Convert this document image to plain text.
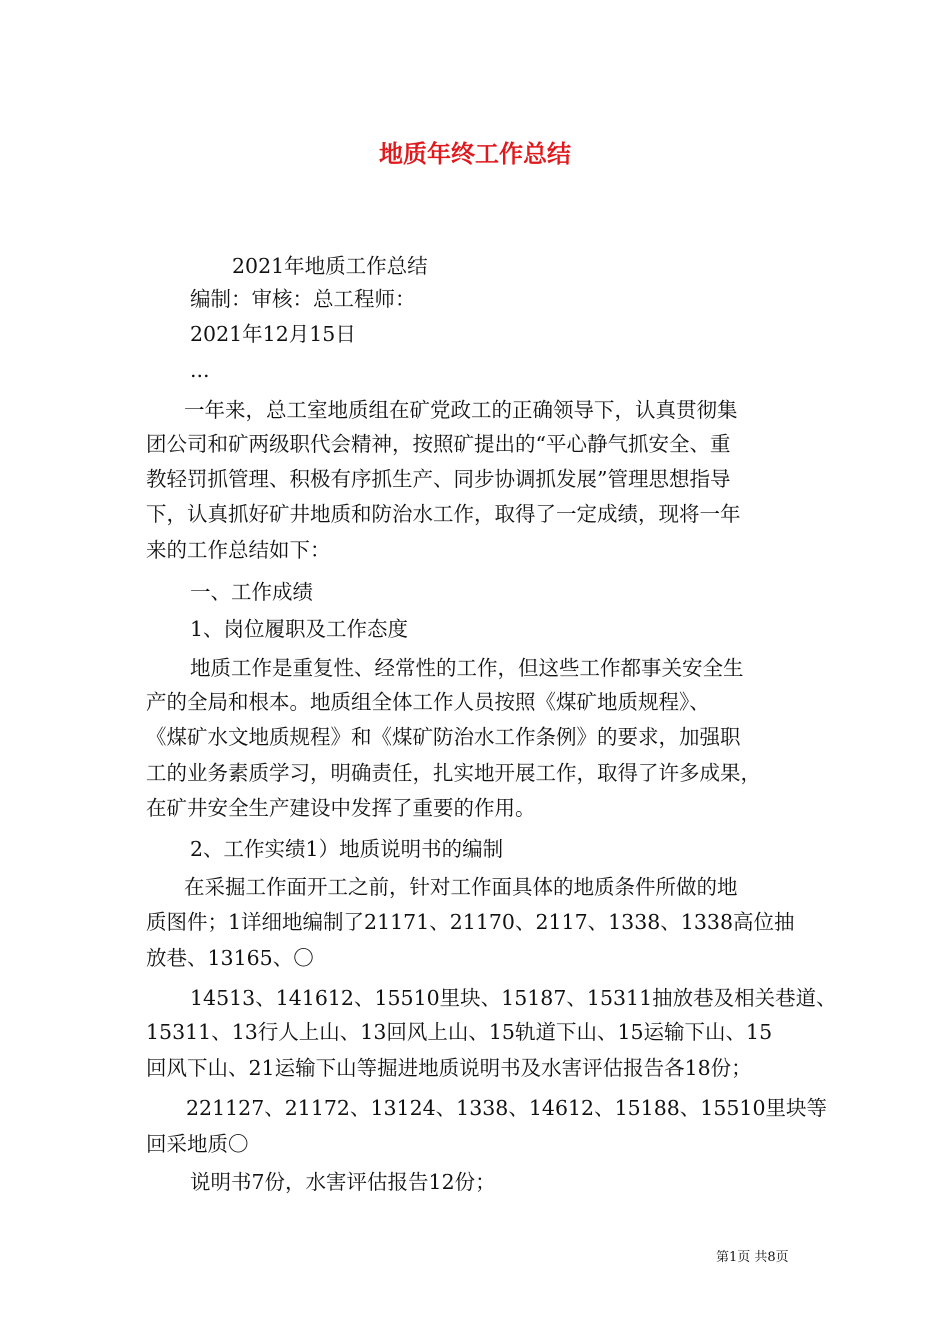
地质年终工作总结
2021年地质工作总结
编制：审核：总工程师：
2021年12月15日
...
一年来，总工室地质组在矿党政工的正确领导下，认真贯彻集
团公司和矿两级职代会精神，按照矿提出的“平心静气抓安全、重
教轻罚抓管理、积极有序抓生产、同步协调抓发展”管理思想指导
下，认真抓好矿井地质和防治水工作，取得了一定成绩，现将一年
来的工作总结如下：
一、工作成绩
1、岗位履职及工作态度
地质工作是重复性、经常性的工作，但这些工作都事关安全生
产的全局和根本。地质组全体工作人员按照《煤矿地质规程》、
《煤矿水文地质规程》和《煤矿防治水工作条例》的要求，加强职
工的业务素质学习，明确责任，扎实地开展工作，取得了许多成果，
在矿井安全生产建设中发挥了重要的作用。
2、工作实绩1）地质说明书的编制
在采掘工作面开工之前，针对工作面具体的地质条件所做的地
质图件；1详细地编制了21171、21170、2117、1338、1338高位抽
放巷、13165、〇
14513、141612、15510里块、15187、15311抽放巷及相关巷道、
15311、13行人上山、13回风上山、15轨道下山、15运输下山、15
回风下山、21运输下山等掘进地质说明书及水害评估报告各18份；
221127、21172、13124、1338、14612、15188、15510里块等
回采地质〇
说明书7份，水害评估报告12份；
第1页 共8页
